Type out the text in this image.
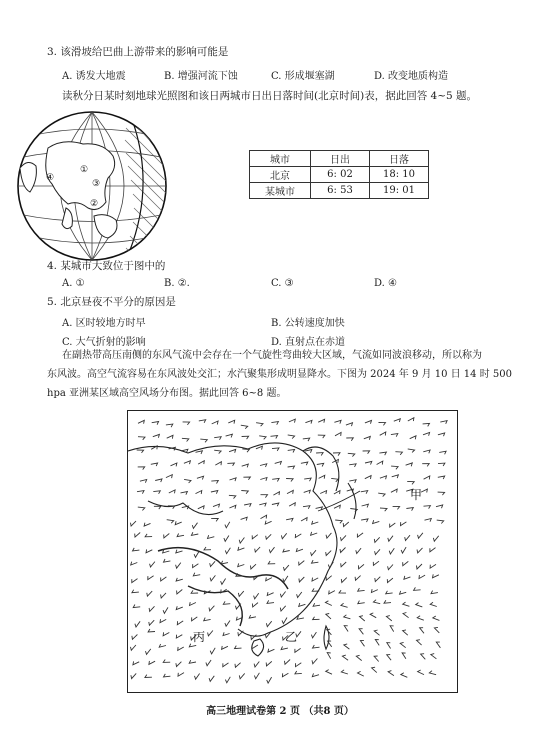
3. 该滑坡给巴曲上游带来的影响可能是
A. 诱发大地震	B. 增强河流下蚀	C. 形成堰塞湖	D. 改变地质构造
读秋分日某时刻地球光照图和该日两城市日出日落时间(北京时间)表，据此回答 4~5 题。
①
②
③
④
城市	日出	日落
北京	6: 02	18: 10
某城市	6: 53	19: 01
4. 某城市大致位于图中的
A. ①	B. ②.	C. ③	D. ④
5. 北京昼夜不平分的原因是
A. 区时较地方时早	B. 公转速度加快
C. 大气折射的影响	D. 直射点在赤道
在副热带高压南侧的东风气流中会存在一个气旋性弯曲较大区域，气流如同波浪移动，所以称为
东风波。高空气流容易在东风波处交汇；水汽聚集形成明显降水。下图为 2024 年 9 月 10 日 14 时 500
hpa 亚洲某区域高空风场分布图。据此回答 6~8 题。
甲
乙
丙
高三地理试卷第 2 页 （共8 页）
